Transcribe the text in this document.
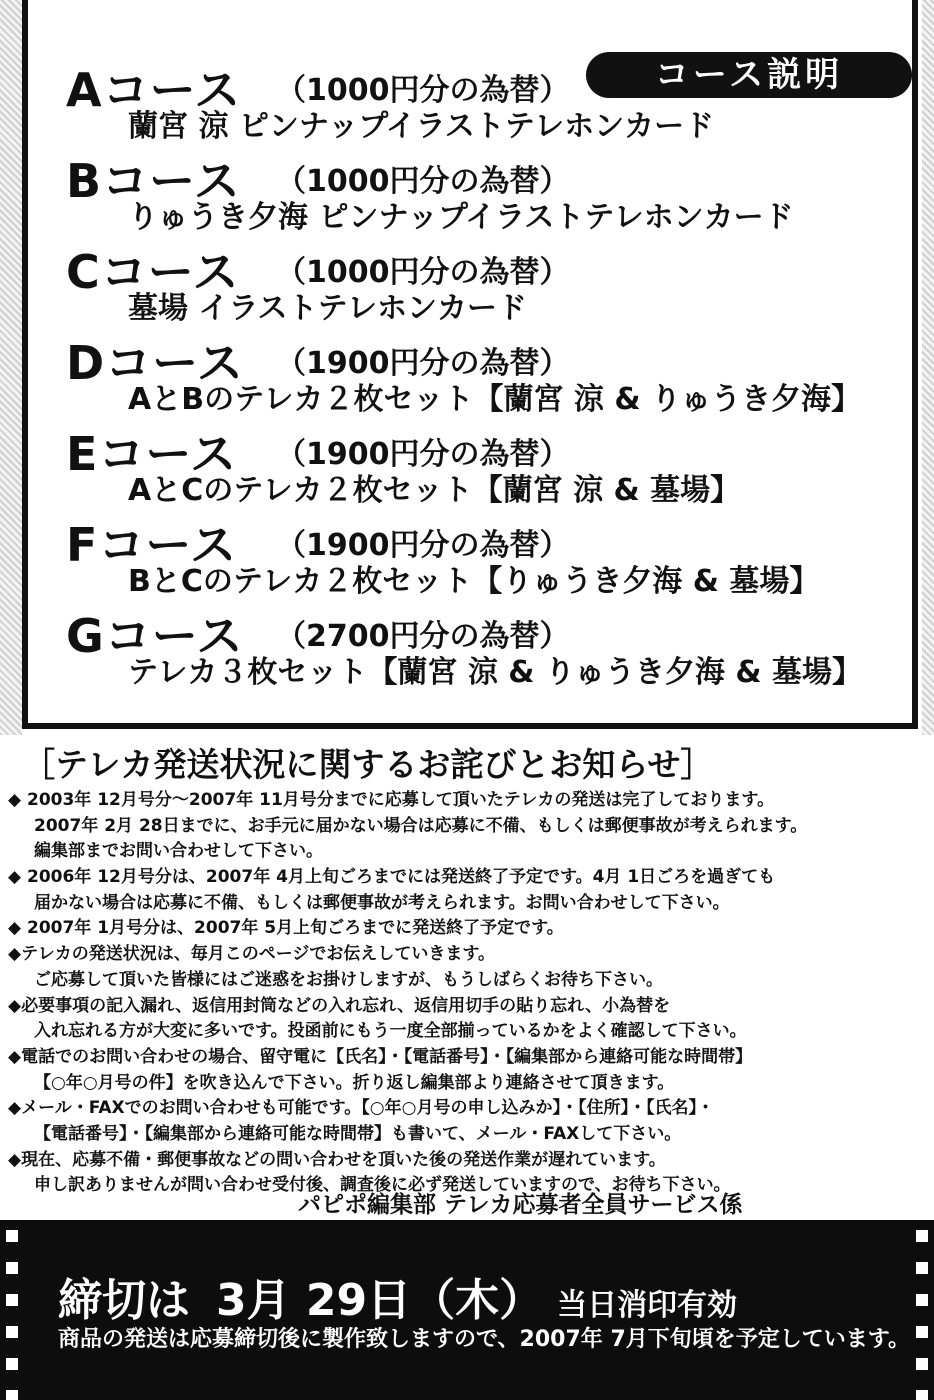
コース説明
Aコース （1000円分の為替）
蘭宮 涼 ピンナップイラストテレホンカード
Bコース （1000円分の為替）
りゅうき夕海 ピンナップイラストテレホンカード
Cコース （1000円分の為替）
墓場 イラストテレホンカード
Dコース （1900円分の為替）
AとBのテレカ２枚セット【蘭宮 涼 & りゅうき夕海】
Eコース （1900円分の為替）
AとCのテレカ２枚セット【蘭宮 涼 & 墓場】
Fコース （1900円分の為替）
BとCのテレカ２枚セット【りゅうき夕海 & 墓場】
Gコース （2700円分の為替）
テレカ３枚セット【蘭宮 涼 & りゅうき夕海 & 墓場】
［テレカ発送状況に関するお詫びとお知らせ］
◆ 2003年 12月号分～2007年 11月号分までに応募して頂いたテレカの発送は完了しております。
2007年 2月 28日までに、お手元に届かない場合は応募に不備、もしくは郵便事故が考えられます。
編集部までお問い合わせして下さい。
◆ 2006年 12月号分は、2007年 4月上旬ごろまでには発送終了予定です。4月 1日ごろを過ぎても
届かない場合は応募に不備、もしくは郵便事故が考えられます。お問い合わせして下さい。
◆ 2007年 1月号分は、2007年 5月上旬ごろまでに発送終了予定です。
◆テレカの発送状況は、毎月このページでお伝えしていきます。
ご応募して頂いた皆様にはご迷惑をお掛けしますが、もうしばらくお待ち下さい。
◆必要事項の記入漏れ、返信用封筒などの入れ忘れ、返信用切手の貼り忘れ、小為替を
入れ忘れる方が大変に多いです。投函前にもう一度全部揃っているかをよく確認して下さい。
◆電話でのお問い合わせの場合、留守電に【氏名】・【電話番号】・【編集部から連絡可能な時間帯】
【○年○月号の件】を吹き込んで下さい。折り返し編集部より連絡させて頂きます。
◆メール・FAXでのお問い合わせも可能です。【○年○月号の申し込みか】・【住所】・【氏名】・
【電話番号】・【編集部から連絡可能な時間帯】も書いて、メール・FAXして下さい。
◆現在、応募不備・郵便事故などの問い合わせを頂いた後の発送作業が遅れています。
申し訳ありませんが問い合わせ受付後、調査後に必ず発送していますので、お待ち下さい。
パピポ編集部 テレカ応募者全員サービス係
締切は 3月 29日（木） 当日消印有効
商品の発送は応募締切後に製作致しますので、2007年 7月下旬頃を予定しています。
